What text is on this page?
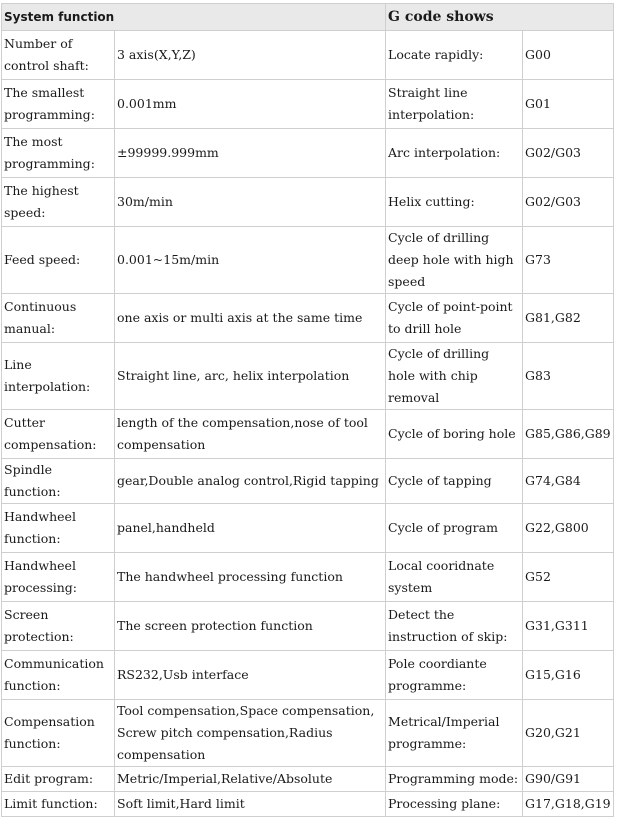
System function		G code shows	
Number of control shaft:	3 axis(X,Y,Z)	Locate rapidly:	G00
The smallest programming:	0.001mm	Straight line interpolation:	G01
The most programming:	±99999.999mm	Arc interpolation:	G02/G03
The highest speed:	30m/min	Helix cutting:	G02/G03
Feed speed:	0.001~15m/min	Cycle of drilling deep hole with high speed	G73
Continuous manual:	one axis or multi axis at the same time	Cycle of point-point to drill hole	G81,G82
Line interpolation:	Straight line, arc, helix interpolation	Cycle of drilling hole with chip removal	G83
Cutter compensation:	length of the compensation,nose of tool compensation	Cycle of boring hole	G85,G86,G89
Spindle function:	gear,Double analog control,Rigid tapping	Cycle of tapping	G74,G84
Handwheel function:	panel,handheld	Cycle of program	G22,G800
Handwheel processing:	The handwheel processing function	Local cooridnate system	G52
Screen protection:	The screen protection function	Detect the instruction of skip:	G31,G311
Communication function:	RS232,Usb interface	Pole coordiante programme:	G15,G16
Compensation function:	Tool compensation,Space compensation, Screw pitch compensation,Radius compensation	Metrical/Imperial programme:	G20,G21
Edit program:	Metric/Imperial,Relative/Absolute	Programming mode:	G90/G91
Limit function:	Soft limit,Hard limit	Processing plane:	G17,G18,G19
